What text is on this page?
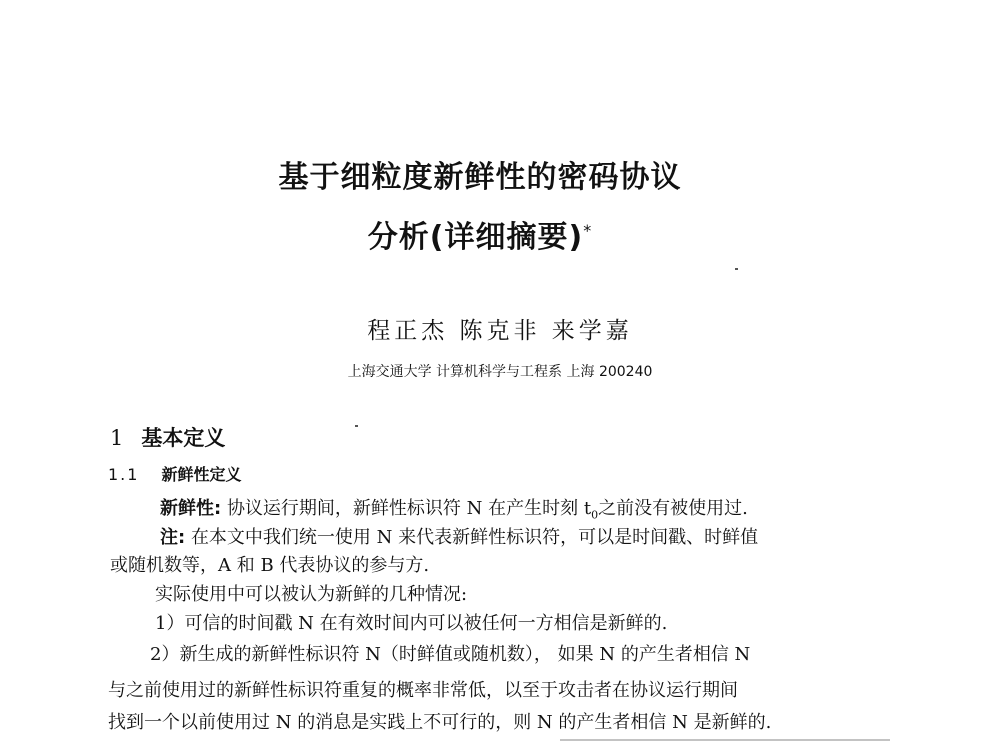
基于细粒度新鲜性的密码协议
分析(详细摘要)*
程正杰 陈克非 来学嘉
上海交通大学 计算机科学与工程系 上海 200240
1 基本定义
1.1 新鲜性定义
新鲜性: 协议运行期间，新鲜性标识符 N 在产生时刻 $t_0$之前没有被使用过.
注: 在本文中我们统一使用 N 来代表新鲜性标识符，可以是时间戳、时鲜值
或随机数等，A 和 B 代表协议的参与方.
实际使用中可以被认为新鲜的几种情况:
1）可信的时间戳 N 在有效时间内可以被任何一方相信是新鲜的.
2）新生成的新鲜性标识符 N（时鲜值或随机数）， 如果 N 的产生者相信 N
与之前使用过的新鲜性标识符重复的概率非常低，以至于攻击者在协议运行期间
找到一个以前使用过 N 的消息是实践上不可行的，则 N 的产生者相信 N 是新鲜的.
